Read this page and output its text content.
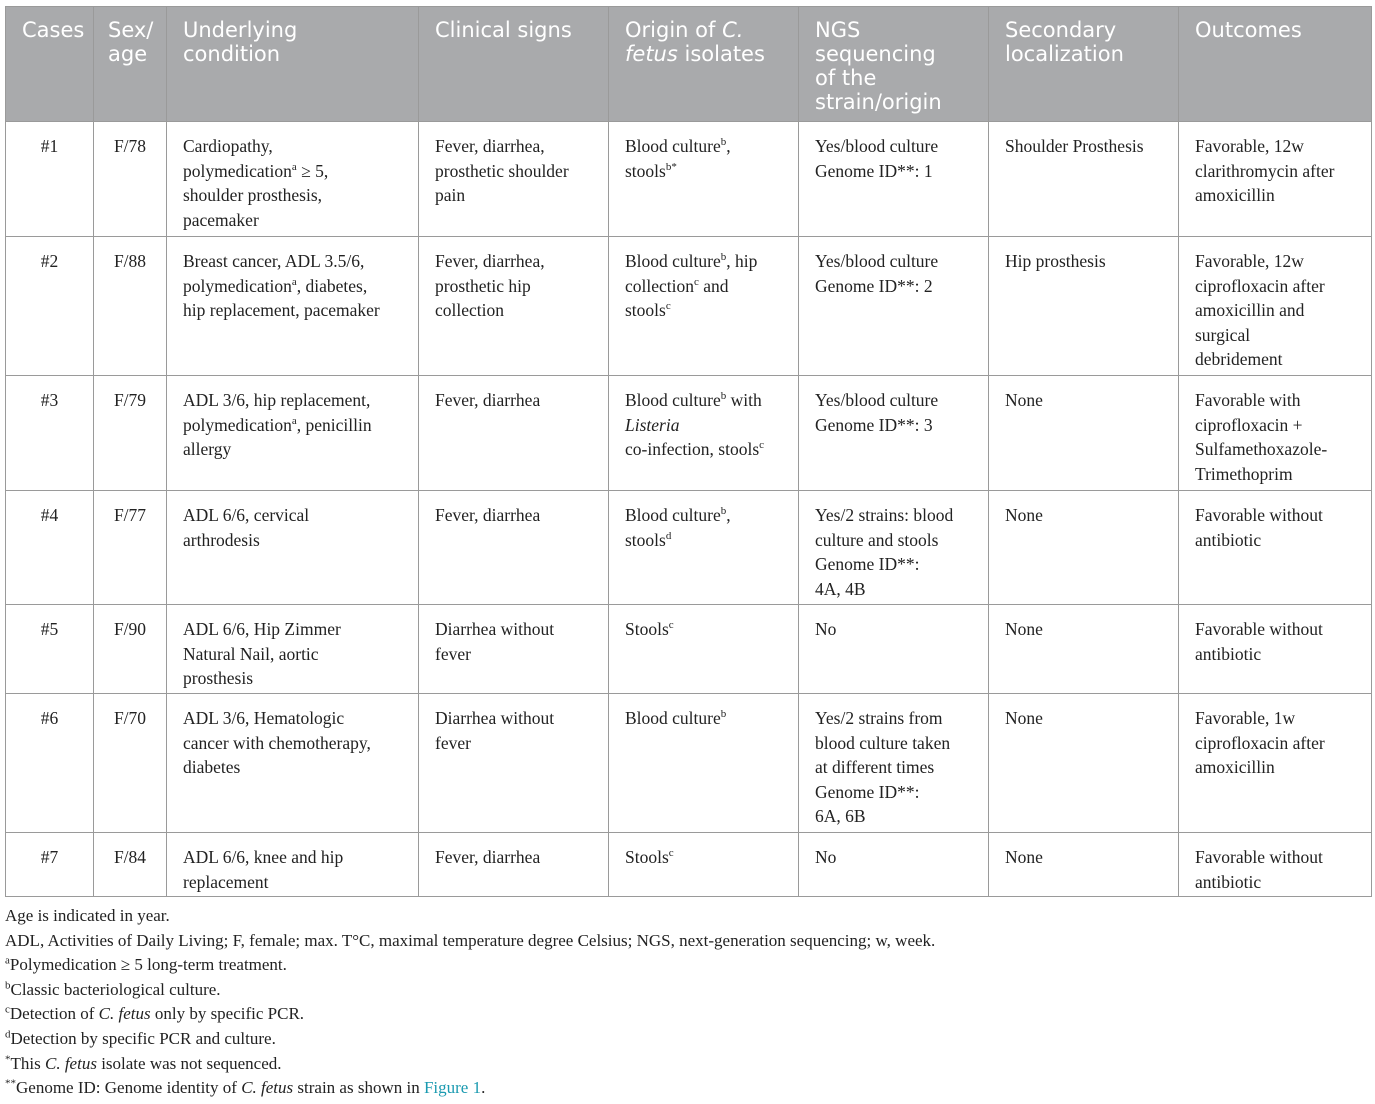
Cases	Sex/
age	Underlying
condition	Clinical signs	Origin of C.
fetus isolates	NGS
sequencing
of the
strain/origin	Secondary
localization	Outcomes
#1	F/78	Cardiopathy,
polymedication$^a$ ≥ 5,
shoulder prosthesis,
pacemaker	Fever, diarrhea,
prosthetic shoulder
pain	Blood culture$^b$,
stools$^{b*}$	Yes/blood culture
Genome ID**: 1	Shoulder Prosthesis	Favorable, 12w
clarithromycin after
amoxicillin

#2	F/88	Breast cancer, ADL 3.5/6,
polymedication$^a$, diabetes,
hip replacement, pacemaker	Fever, diarrhea,
prosthetic hip
collection	Blood culture$^b$, hip
collection$^c$ and
stools$^c$	Yes/blood culture
Genome ID**: 2	Hip prosthesis	Favorable, 12w
ciprofloxacin after
amoxicillin and
surgical
debridement

#3	F/79	ADL 3/6, hip replacement,
polymedication$^a$, penicillin
allergy	Fever, diarrhea	Blood culture$^b$ with
Listeria
co-infection, stools$^c$	Yes/blood culture
Genome ID**: 3	None	Favorable with
ciprofloxacin +
Sulfamethoxazole-
Trimethoprim

#4	F/77	ADL 6/6, cervical
arthrodesis	Fever, diarrhea	Blood culture$^b$,
stools$^d$	Yes/2 strains: blood
culture and stools
Genome ID**:
4A, 4B	None	Favorable without
antibiotic

#5	F/90	ADL 6/6, Hip Zimmer
Natural Nail, aortic
prosthesis	Diarrhea without
fever	Stools$^c$	No	None	Favorable without
antibiotic

#6	F/70	ADL 3/6, Hematologic
cancer with chemotherapy,
diabetes	Diarrhea without
fever	Blood culture$^b$	Yes/2 strains from
blood culture taken
at different times
Genome ID**:
6A, 6B	None	Favorable, 1w
ciprofloxacin after
amoxicillin

#7	F/84	ADL 6/6, knee and hip
replacement	Fever, diarrhea	Stools$^c$	No	None	Favorable without
antibiotic
Age is indicated in year.
ADL, Activities of Daily Living; F, female; max. T°C, maximal temperature degree Celsius; NGS, next-generation sequencing; w, week.
$^a$Polymedication ≥ 5 long-term treatment.
$^b$Classic bacteriological culture.
$^c$Detection of C. fetus only by specific PCR.
$^d$Detection by specific PCR and culture.
*This C. fetus isolate was not sequenced.
**Genome ID: Genome identity of C. fetus strain as shown in Figure 1.
